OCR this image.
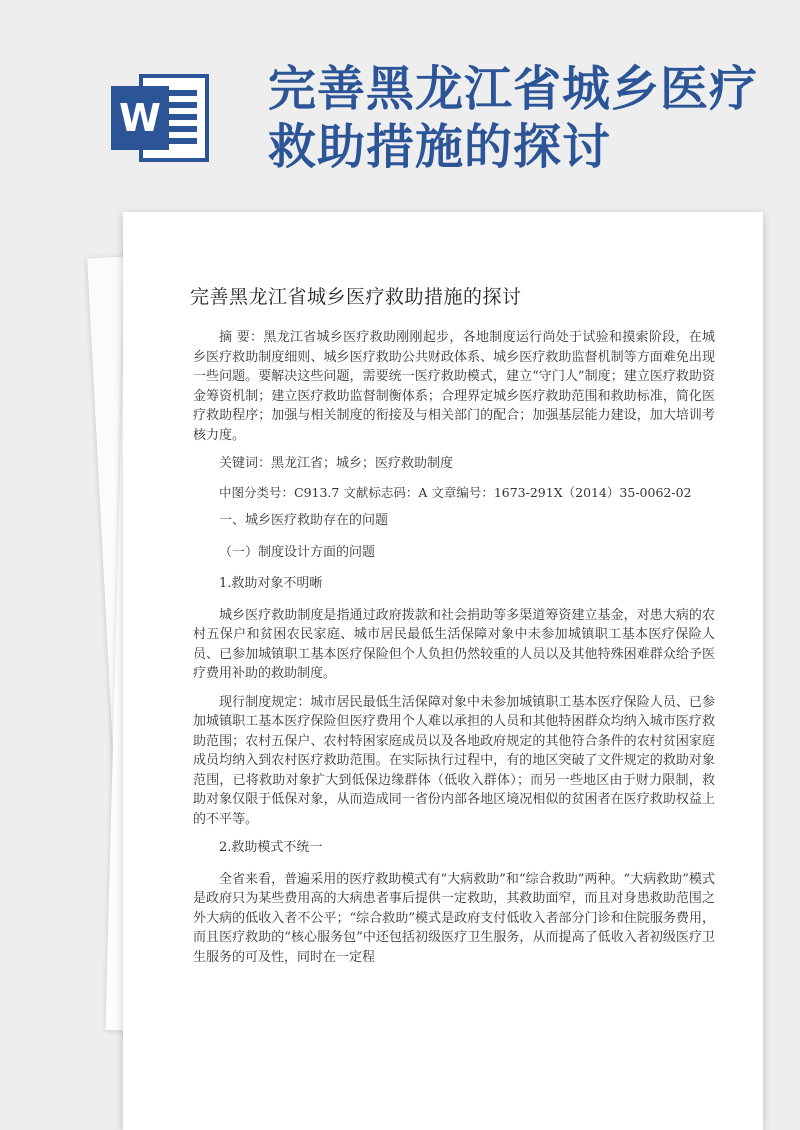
W
完善黑龙江省城乡医疗救助措施的探讨
完善黑龙江省城乡医疗救助措施的探讨

摘 要：黑龙江省城乡医疗救助刚刚起步，各地制度运行尚处于试验和摸索阶段，在城乡医疗救助制度细则、城乡医疗救助公共财政体系、城乡医疗救助监督机制等方面难免出现一些问题。要解决这些问题，需要统一医疗救助模式，建立“守门人”制度；建立医疗救助资金筹资机制；建立医疗救助监督制衡体系；合理界定城乡医疗救助范围和救助标准，简化医疗救助程序；加强与相关制度的衔接及与相关部门的配合；加强基层能力建设，加大培训考核力度。

关键词：黑龙江省；城乡；医疗救助制度

中图分类号：C913.7 文献标志码：A 文章编号：1673-291X（2014）35-0062-02

一、城乡医疗救助存在的问题

（一）制度设计方面的问题

1.救助对象不明晰

城乡医疗救助制度是指通过政府拨款和社会捐助等多渠道筹资建立基金，对患大病的农村五保户和贫困农民家庭、城市居民最低生活保障对象中未参加城镇职工基本医疗保险人员、已参加城镇职工基本医疗保险但个人负担仍然较重的人员以及其他特殊困难群众给予医疗费用补助的救助制度。

现行制度规定：城市居民最低生活保障对象中未参加城镇职工基本医疗保险人员、已参加城镇职工基本医疗保险但医疗费用个人难以承担的人员和其他特困群众均纳入城市医疗救助范围；农村五保户、农村特困家庭成员以及各地政府规定的其他符合条件的农村贫困家庭成员均纳入到农村医疗救助范围。在实际执行过程中，有的地区突破了文件规定的救助对象范围，已将救助对象扩大到低保边缘群体（低收入群体）；而另一些地区由于财力限制，救助对象仅限于低保对象，从而造成同一省份内部各地区境况相似的贫困者在医疗救助权益上的不平等。

2.救助模式不统一

全省来看，普遍采用的医疗救助模式有“大病救助”和“综合救助”两种。“大病救助”模式是政府只为某些费用高的大病患者事后提供一定救助，其救助面窄，而且对身患救助范围之外大病的低收入者不公平；“综合救助”模式是政府支付低收入者部分门诊和住院服务费用，而且医疗救助的“核心服务包”中还包括初级医疗卫生服务，从而提高了低收入者初级医疗卫生服务的可及性，同时在一定程
